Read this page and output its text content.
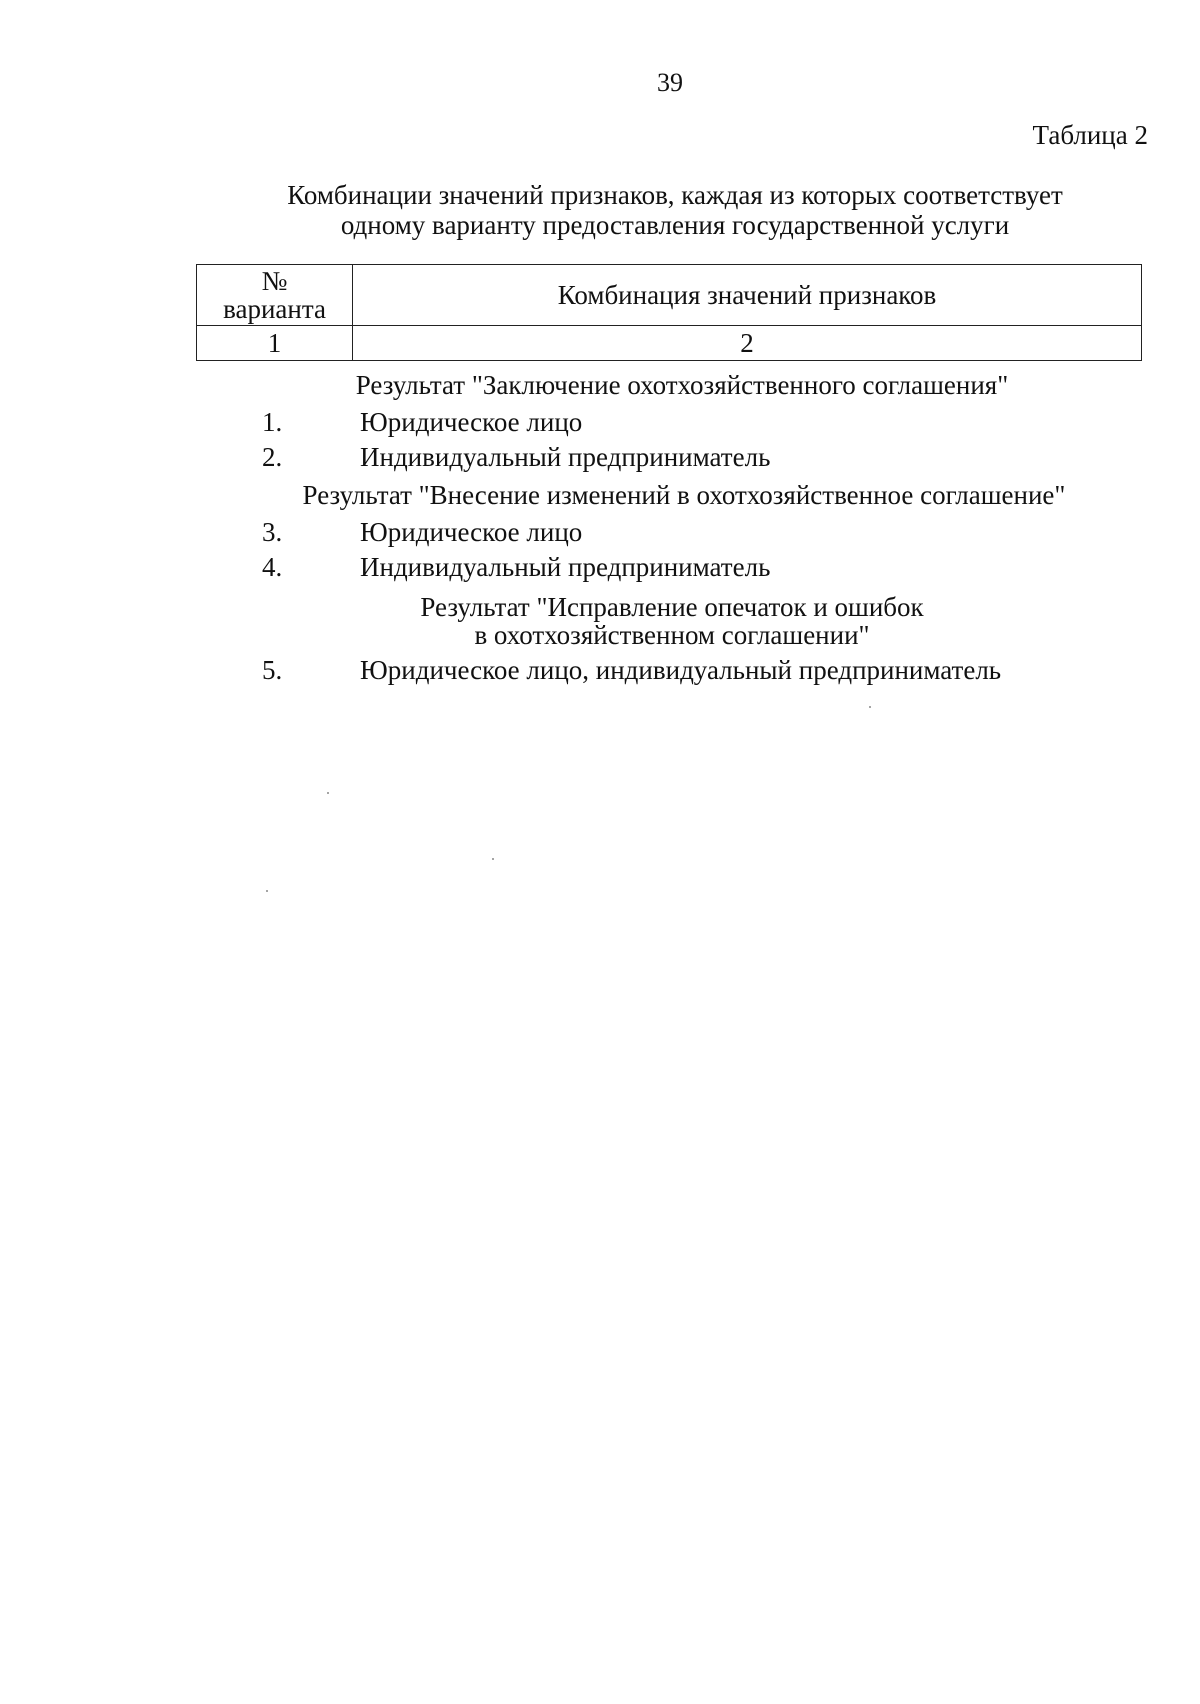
39
Таблица 2
Комбинации значений признаков, каждая из которых соответствует
одному варианту предоставления государственной услуги
№
варианта	Комбинация значений признаков
1	2

Результат "Заключение охотхозяйственного соглашения"

1.	Юридическое лицо
2.	Индивидуальный предприниматель

Результат "Внесение изменений в охотхозяйственное соглашение"

3.	Юридическое лицо
4.	Индивидуальный предприниматель
Результат "Исправление опечаток и ошибок
в охотхозяйственном соглашении"
5.	Юридическое лицо, индивидуальный предприниматель
